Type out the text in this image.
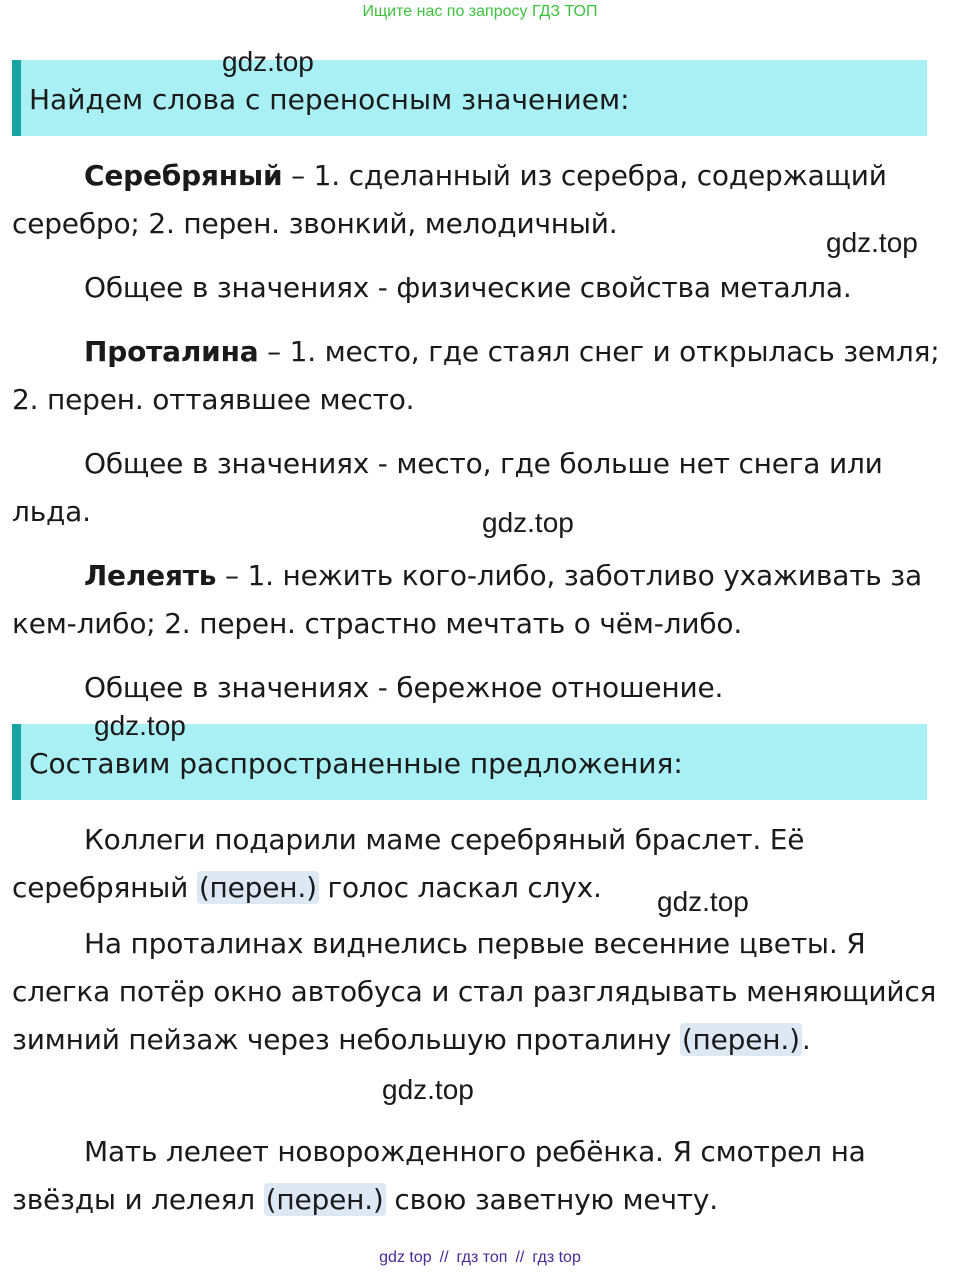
Ищите нас по запросу ГДЗ ТОП
Найдем слова с переносным значением:
gdz.top

Серебряный – 1. сделанный из серебра, содержащий серебро; 2. перен. звонкий, мелодичный.

gdz.top

Общее в значениях - физические свойства металла.

Проталина – 1. место, где стаял снег и открылась земля; 2. перен. оттаявшее место.

Общее в значениях - место, где больше нет снега или льда.	gdz.top

Лелеять – 1. нежить кого-либо, заботливо ухаживать за кем-либо; 2. перен. страстно мечтать о чём-либо.

Общее в значениях - бережное отношение.

Составим распространенные предложения:
gdz.top

Коллеги подарили маме серебряный браслет. Её серебряный (перен.) голос ласкал слух.	gdz.top

На проталинах виднелись первые весенние цветы. Я слегка потёр окно автобуса и стал разглядывать меняющийся зимний пейзаж через небольшую проталину (перен.).

gdz.top

Мать лелеет новорожденного ребёнка. Я смотрел на звёзды и лелеял (перен.) свою заветную мечту.

gdz top // гдз топ // гдз top
